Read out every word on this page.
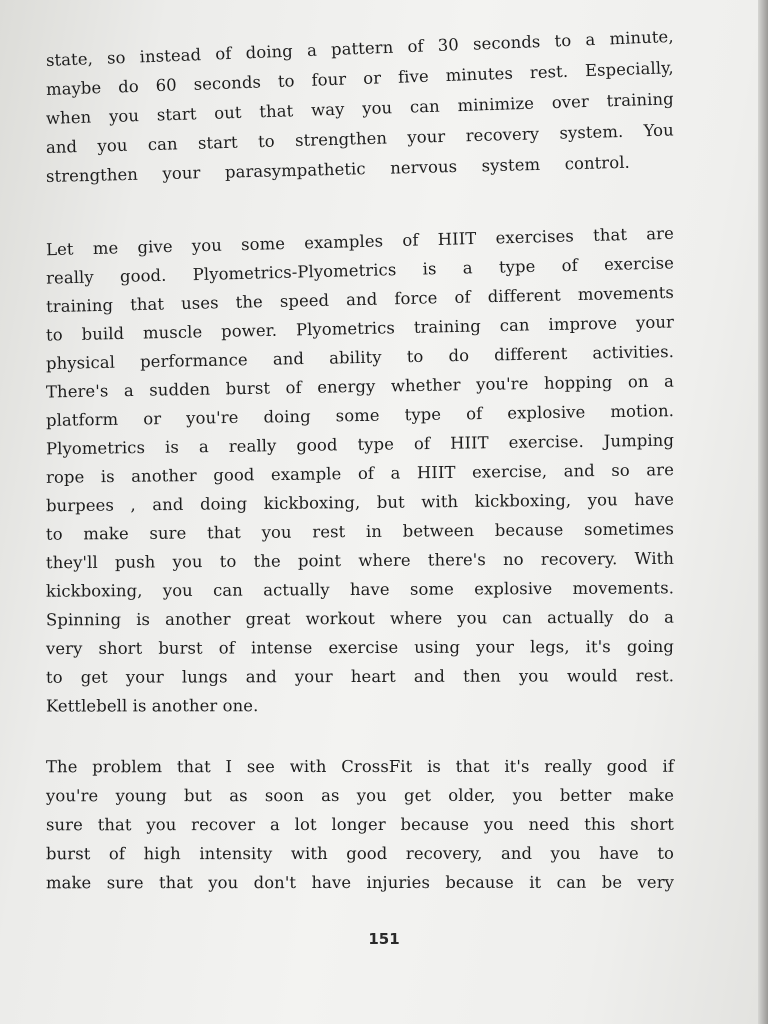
state, so instead of doing a pattern of 30 seconds to a minute,
maybe do 60 seconds to four or five minutes rest. Especially,
when you start out that way you can minimize over training
and you can start to strengthen your recovery system. You
strengthen your parasympathetic nervous system control.
Let me give you some examples of HIIT exercises that are
really good. Plyometrics-Plyometrics is a type of exercise
training that uses the speed and force of different movements
to build muscle power. Plyometrics training can improve your
physical performance and ability to do different activities.
There's a sudden burst of energy whether you're hopping on a
platform or you're doing some type of explosive motion.
Plyometrics is a really good type of HIIT exercise. Jumping
rope is another good example of a HIIT exercise, and so are
burpees , and doing kickboxing, but with kickboxing, you have
to make sure that you rest in between because sometimes
they'll push you to the point where there's no recovery. With
kickboxing, you can actually have some explosive movements.
Spinning is another great workout where you can actually do a
very short burst of intense exercise using your legs, it's going
to get your lungs and your heart and then you would rest.
Kettlebell is another one.
The problem that I see with CrossFit is that it's really good if
you're young but as soon as you get older, you better make
sure that you recover a lot longer because you need this short
burst of high intensity with good recovery, and you have to
make sure that you don't have injuries because it can be very
151
